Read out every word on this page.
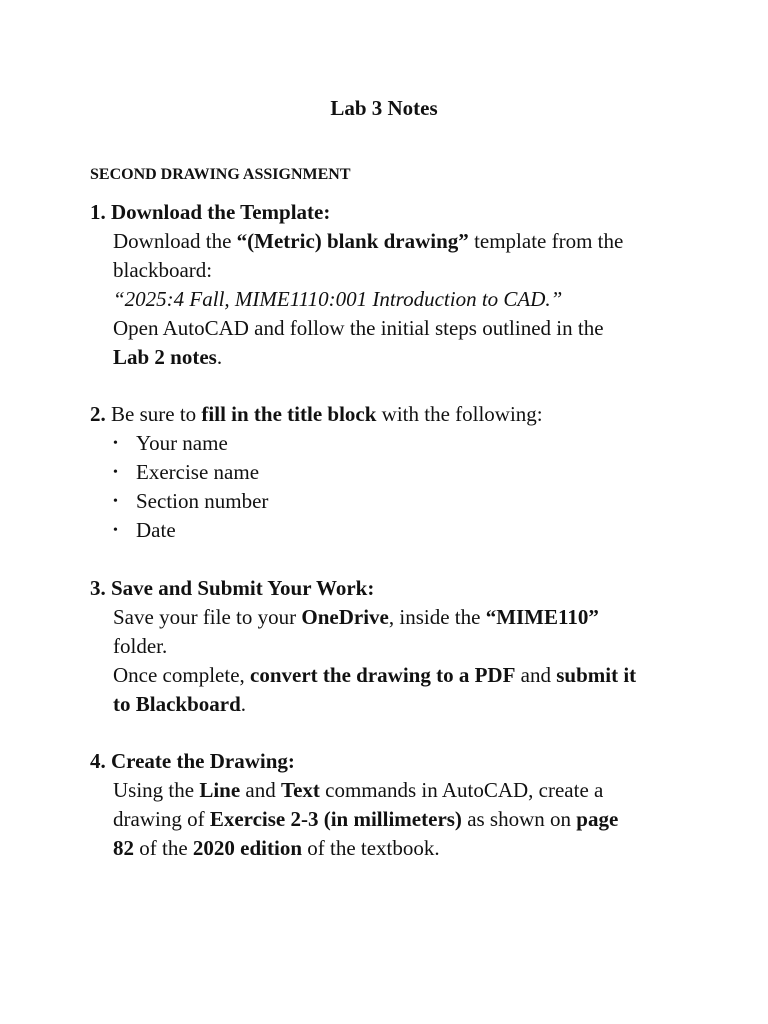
Lab 3 Notes
SECOND DRAWING ASSIGNMENT
1. Download the Template:
Download the “(Metric) blank drawing” template from the
blackboard:
“2025:4 Fall, MIME1110:001 Introduction to CAD.”
Open AutoCAD and follow the initial steps outlined in the
Lab 2 notes.
2. Be sure to fill in the title block with the following:
• Your name
• Exercise name
• Section number
• Date
3. Save and Submit Your Work:
Save your file to your OneDrive, inside the “MIME110”
folder.
Once complete, convert the drawing to a PDF and submit it
to Blackboard.
4. Create the Drawing:
Using the Line and Text commands in AutoCAD, create a
drawing of Exercise 2-3 (in millimeters) as shown on page
82 of the 2020 edition of the textbook.
